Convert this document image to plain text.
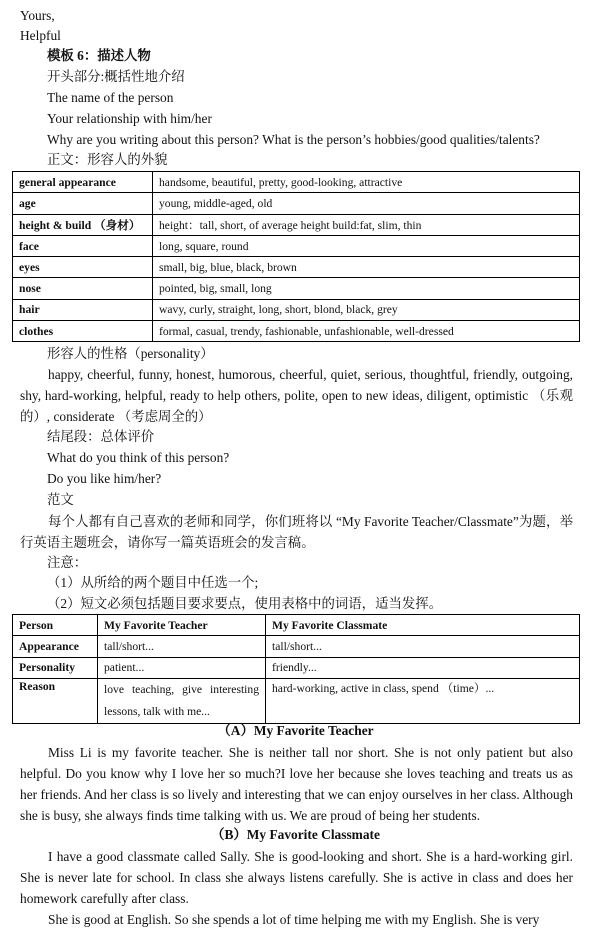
Yours,
Helpful
模板 6：描述人物
开头部分:概括性地介绍
The name of the person
Your relationship with him/her
Why are you writing about this person? What is the person’s hobbies/good qualities/talents?
正文：形容人的外貌
general appearance	handsome, beautiful, pretty, good-looking, attractive
age	young, middle-aged, old
height & build （身材）	height：tall, short, of average height build:fat, slim, thin
face	long, square, round
eyes	small, big, blue, black, brown
nose	pointed, big, small, long
hair	wavy, curly, straight, long, short, blond, black, grey
clothes	formal, casual, trendy, fashionable, unfashionable, well-dressed
形容人的性格（personality）
happy, cheerful, funny, honest, humorous, cheerful, quiet, serious, thoughtful, friendly, outgoing, shy, hard-working, helpful, ready to help others, polite, open to new ideas, diligent, optimistic （乐观的）, considerate （考虑周全的）
结尾段：总体评价
What do you think of this person?
Do you like him/her?
范文
每个人都有自己喜欢的老师和同学，你们班将以 “My Favorite Teacher/Classmate”为题，举行英语主题班会，请你写一篇英语班会的发言稿。
注意：
（1）从所给的两个题目中任选一个;
（2）短文必须包括题目要求要点，使用表格中的词语，适当发挥。
Person	My Favorite Teacher	My Favorite Classmate
Appearance	tall/short...	tall/short...
Personality	patient...	friendly...
Reason	love teaching, give interesting lessons, talk with me...	hard-working, active in class, spend （time）...
（A）My Favorite Teacher
Miss Li is my favorite teacher. She is neither tall nor short. She is not only patient but also helpful. Do you know why I love her so much?I love her because she loves teaching and treats us as her friends. And her class is so lively and interesting that we can enjoy ourselves in her class. Although she is busy, she always finds time talking with us. We are proud of being her students.
（B）My Favorite Classmate
I have a good classmate called Sally. She is good-looking and short. She is a hard-working girl. She is never late for school. In class she always listens carefully. She is active in class and does her homework carefully after class.
She is good at English. So she spends a lot of time helping me with my English. She is very
